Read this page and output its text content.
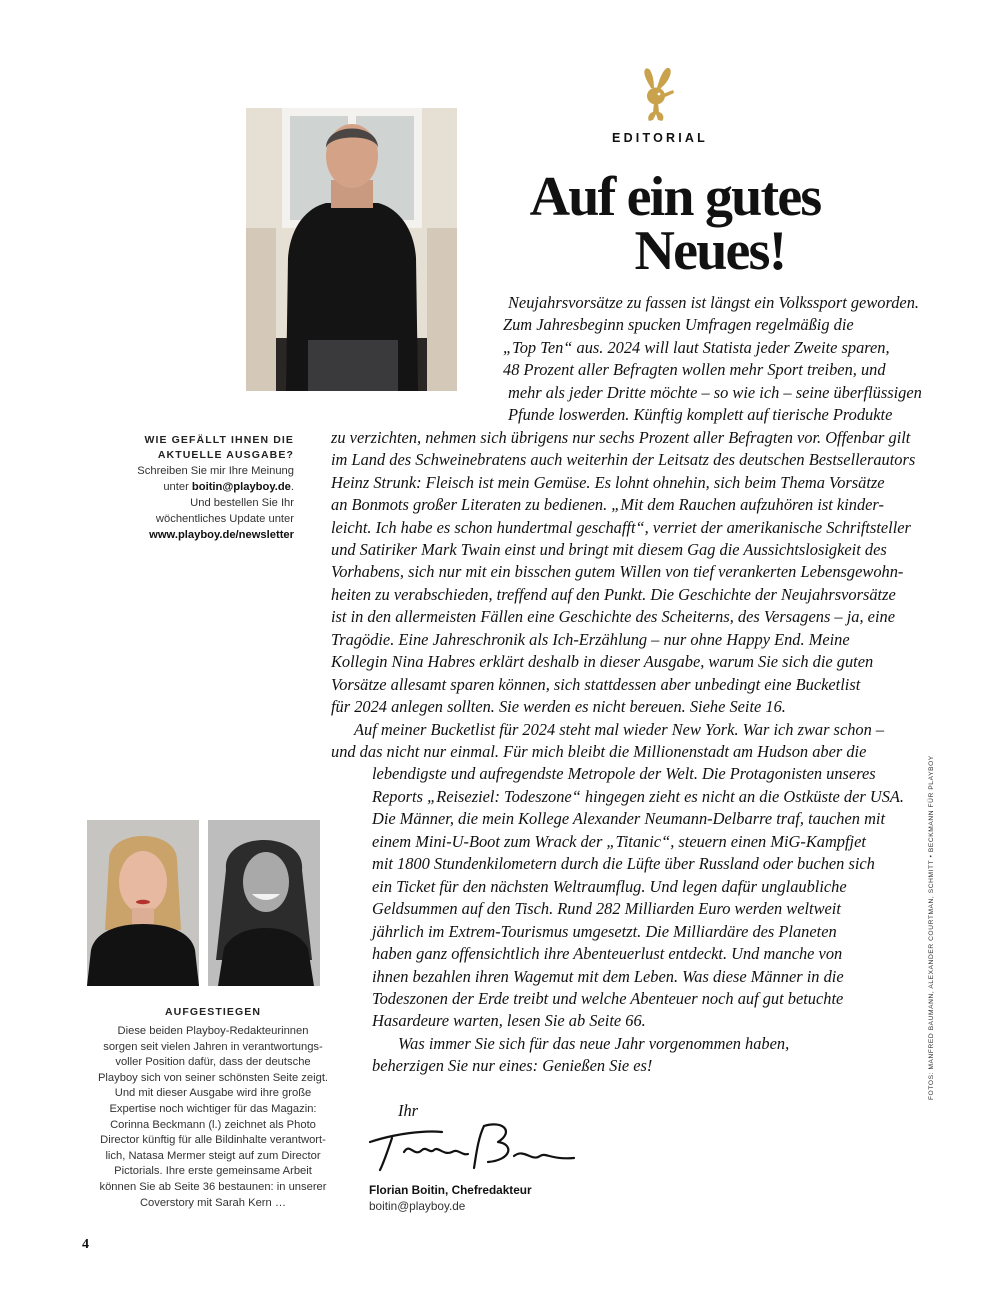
EDITORIAL
Auf ein gutes
Neues!
WIE GEFÄLLT IHNEN DIE
AKTUELLE AUSGABE?
Schreiben Sie mir Ihre Meinung
unter boitin@playboy.de.
Und bestellen Sie Ihr
wöchentliches Update unter
www.playboy.de/newsletter
AUFGESTIEGEN
Diese beiden Playboy-Redakteurinnen
sorgen seit vielen Jahren in verantwortungs-
voller Position dafür, dass der deutsche
Playboy sich von seiner schönsten Seite zeigt.
Und mit dieser Ausgabe wird ihre große
Expertise noch wichtiger für das Magazin:
Corinna Beckmann (l.) zeichnet als Photo
Director künftig für alle Bildinhalte verantwort-
lich, Natasa Mermer steigt auf zum Director
Pictorials. Ihre erste gemeinsame Arbeit
können Sie ab Seite 36 bestaunen: in unserer
Coverstory mit Sarah Kern …
Neujahrsvorsätze zu fassen ist längst ein Volkssport geworden.
Zum Jahresbeginn spucken Umfragen regelmäßig die
„Top Ten“ aus. 2024 will laut Statista jeder Zweite sparen,
48 Prozent aller Befragten wollen mehr Sport treiben, und
mehr als jeder Dritte möchte – so wie ich – seine überflüssigen
Pfunde loswerden. Künftig komplett auf tierische Produkte
zu verzichten, nehmen sich übrigens nur sechs Prozent aller Befragten vor. Offenbar gilt
im Land des Schweinebratens auch weiterhin der Leitsatz des deutschen Bestsellerautors
Heinz Strunk: Fleisch ist mein Gemüse. Es lohnt ohnehin, sich beim Thema Vorsätze
an Bonmots großer Literaten zu bedienen. „Mit dem Rauchen aufzuhören ist kinder-
leicht. Ich habe es schon hundertmal geschafft“, verriet der amerikanische Schriftsteller
und Satiriker Mark Twain einst und bringt mit diesem Gag die Aussichtslosigkeit des
Vorhabens, sich nur mit ein bisschen gutem Willen von tief verankerten Lebensgewohn-
heiten zu verabschieden, treffend auf den Punkt. Die Geschichte der Neujahrsvorsätze
ist in den allermeisten Fällen eine Geschichte des Scheiterns, des Versagens – ja, eine
Tragödie. Eine Jahreschronik als Ich-Erzählung – nur ohne Happy End. Meine
Kollegin Nina Habres erklärt deshalb in dieser Ausgabe, warum Sie sich die guten
Vorsätze allesamt sparen können, sich stattdessen aber unbedingt eine Bucketlist
für 2024 anlegen sollten. Sie werden es nicht bereuen. Siehe Seite 16.
Auf meiner Bucketlist für 2024 steht mal wieder New York. War ich zwar schon –
und das nicht nur einmal. Für mich bleibt die Millionenstadt am Hudson aber die
lebendigste und aufregendste Metropole der Welt. Die Protagonisten unseres
Reports „Reiseziel: Todeszone“ hingegen zieht es nicht an die Ostküste der USA.
Die Männer, die mein Kollege Alexander Neumann-Delbarre traf, tauchen mit
einem Mini-U-Boot zum Wrack der „Titanic“, steuern einen MiG-Kampfjet
mit 1800 Stundenkilometern durch die Lüfte über Russland oder buchen sich
ein Ticket für den nächsten Weltraumflug. Und legen dafür unglaubliche
Geldsummen auf den Tisch. Rund 282 Milliarden Euro werden weltweit
jährlich im Extrem-Tourismus umgesetzt. Die Milliardäre des Planeten
haben ganz offensichtlich ihre Abenteuerlust entdeckt. Und manche von
ihnen bezahlen ihren Wagemut mit dem Leben. Was diese Männer in die
Todeszonen der Erde treibt und welche Abenteuer noch auf gut betuchte
Hasardeure warten, lesen Sie ab Seite 66.
Was immer Sie sich für das neue Jahr vorgenommen haben,
beherzigen Sie nur eines: Genießen Sie es!	FOTOS: MANFRED BAUMANN, ALEXANDER COURTMAN, SCHMITT • BECKMANN FÜR PLAYBOY
Ihr
Florian Boitin, Chefredakteur
boitin@playboy.de
4
